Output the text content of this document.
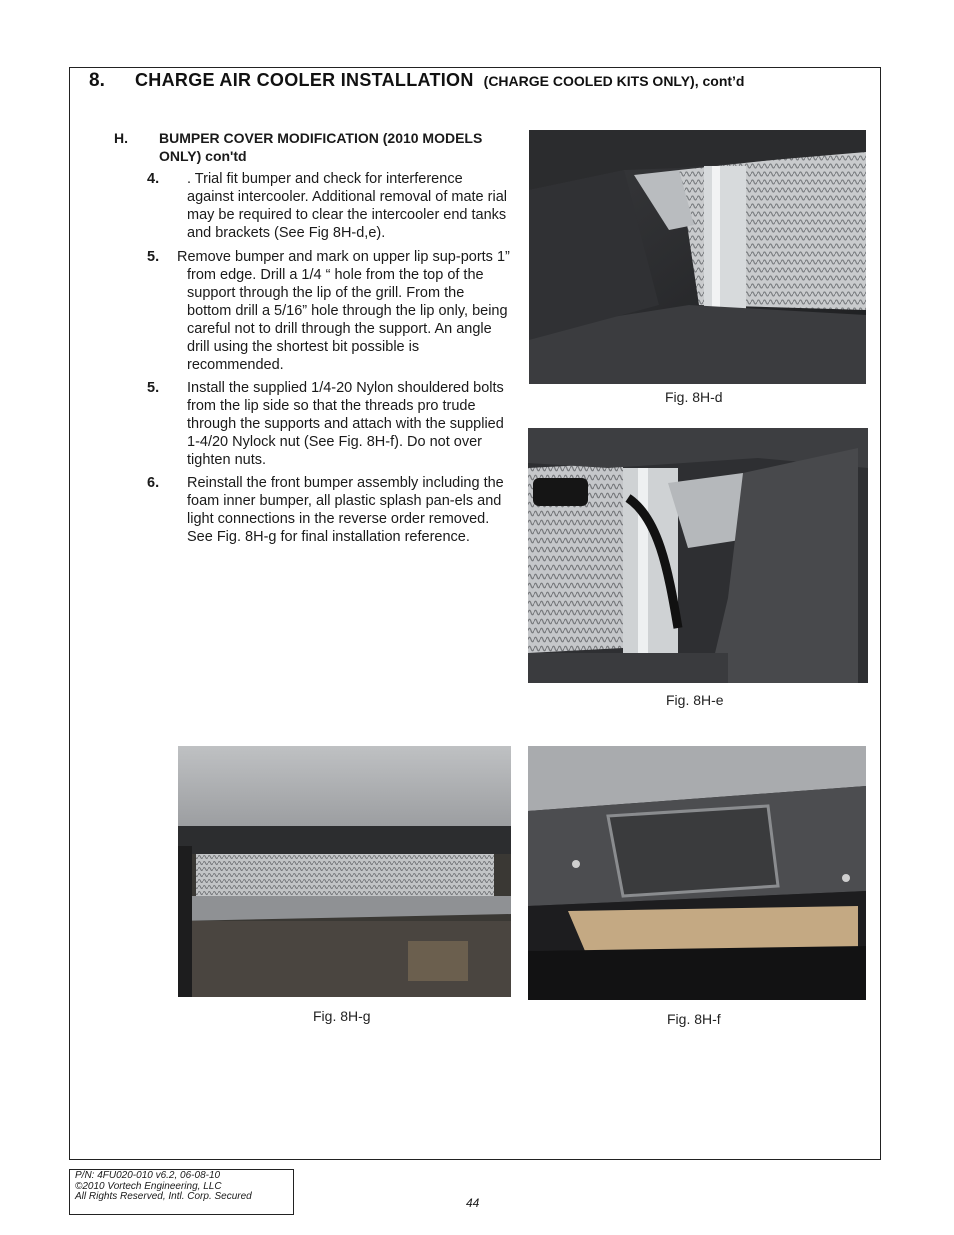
8. CHARGE AIR COOLER INSTALLATION (CHARGE COOLED KITS ONLY), cont’d
H. BUMPER COVER MODIFICATION (2010 MODELS ONLY) con'td
4.	. Trial fit bumper and check for interference against intercooler. Additional removal of mate rial may be required to clear the intercooler end tanks and brackets (See Fig 8H-d,e).
5.	Remove bumper and mark on upper lip sup-ports 1” from edge. Drill a 1/4 “ hole from the top of the support through the lip of the grill. From the bottom drill a 5/16” hole through the lip only, being careful not to drill through the support. An angle drill using the shortest bit possible is recommended.
5.	Install the supplied 1/4-20 Nylon shouldered bolts from the lip side so that the threads pro trude through the supports and attach with the supplied 1-4/20 Nylock nut (See Fig. 8H-f). Do not over tighten nuts.
6.	Reinstall the front bumper assembly including the foam inner bumper, all plastic splash pan-els and light connections in the reverse order removed. See Fig. 8H-g for final installation reference.
Fig. 8H-d
Fig. 8H-e
Fig. 8H-g	Fig. 8H-f
P/N: 4FU020-010 v6.2, 06-08-10
©2010 Vortech Engineering, LLC
All Rights Reserved, Intl. Corp. Secured	44
